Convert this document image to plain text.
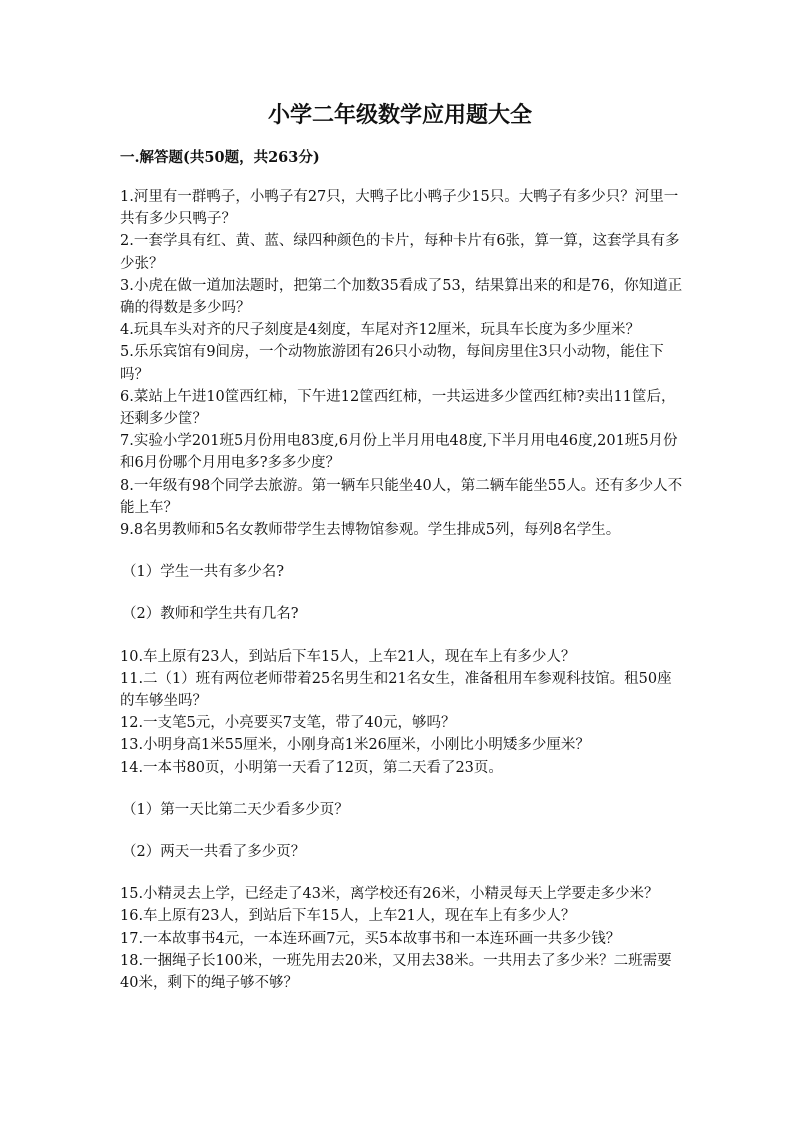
小学二年级数学应用题大全
一.解答题(共50题，共263分)

1.河里有一群鸭子，小鸭子有27只，大鸭子比小鸭子少15只。大鸭子有多少只？河里一共有多少只鸭子？

2.一套学具有红、黄、蓝、绿四种颜色的卡片，每种卡片有6张，算一算，这套学具有多少张？

3.小虎在做一道加法题时，把第二个加数35看成了53，结果算出来的和是76，你知道正确的得数是多少吗？

4.玩具车头对齐的尺子刻度是4刻度，车尾对齐12厘米，玩具车长度为多少厘米？

5.乐乐宾馆有9间房，一个动物旅游团有26只小动物，每间房里住3只小动物，能住下吗？

6.菜站上午进10筐西红柿，下午进12筐西红柿，一共运进多少筐西红柿?卖出11筐后，还剩多少筐？

7.实验小学201班5月份用电83度,6月份上半月用电48度,下半月用电46度,201班5月份和6月份哪个月用电多?多多少度？

8.一年级有98个同学去旅游。第一辆车只能坐40人，第二辆车能坐55人。还有多少人不能上车？

9.8名男教师和5名女教师带学生去博物馆参观。学生排成5列，每列8名学生。

（1）学生一共有多少名?

（2）教师和学生共有几名?

10.车上原有23人，到站后下车15人，上车21人，现在车上有多少人？

11.二（1）班有两位老师带着25名男生和21名女生，准备租用车参观科技馆。租50座的车够坐吗？

12.一支笔5元，小亮要买7支笔，带了40元，够吗？

13.小明身高1米55厘米，小刚身高1米26厘米，小刚比小明矮多少厘米？

14.一本书80页，小明第一天看了12页，第二天看了23页。

（1）第一天比第二天少看多少页？

（2）两天一共看了多少页？

15.小精灵去上学，已经走了43米，离学校还有26米，小精灵每天上学要走多少米？

16.车上原有23人，到站后下车15人，上车21人，现在车上有多少人？

17.一本故事书4元，一本连环画7元，买5本故事书和一本连环画一共多少钱？

18.一捆绳子长100米，一班先用去20米，又用去38米。一共用去了多少米？二班需要40米，剩下的绳子够不够？
